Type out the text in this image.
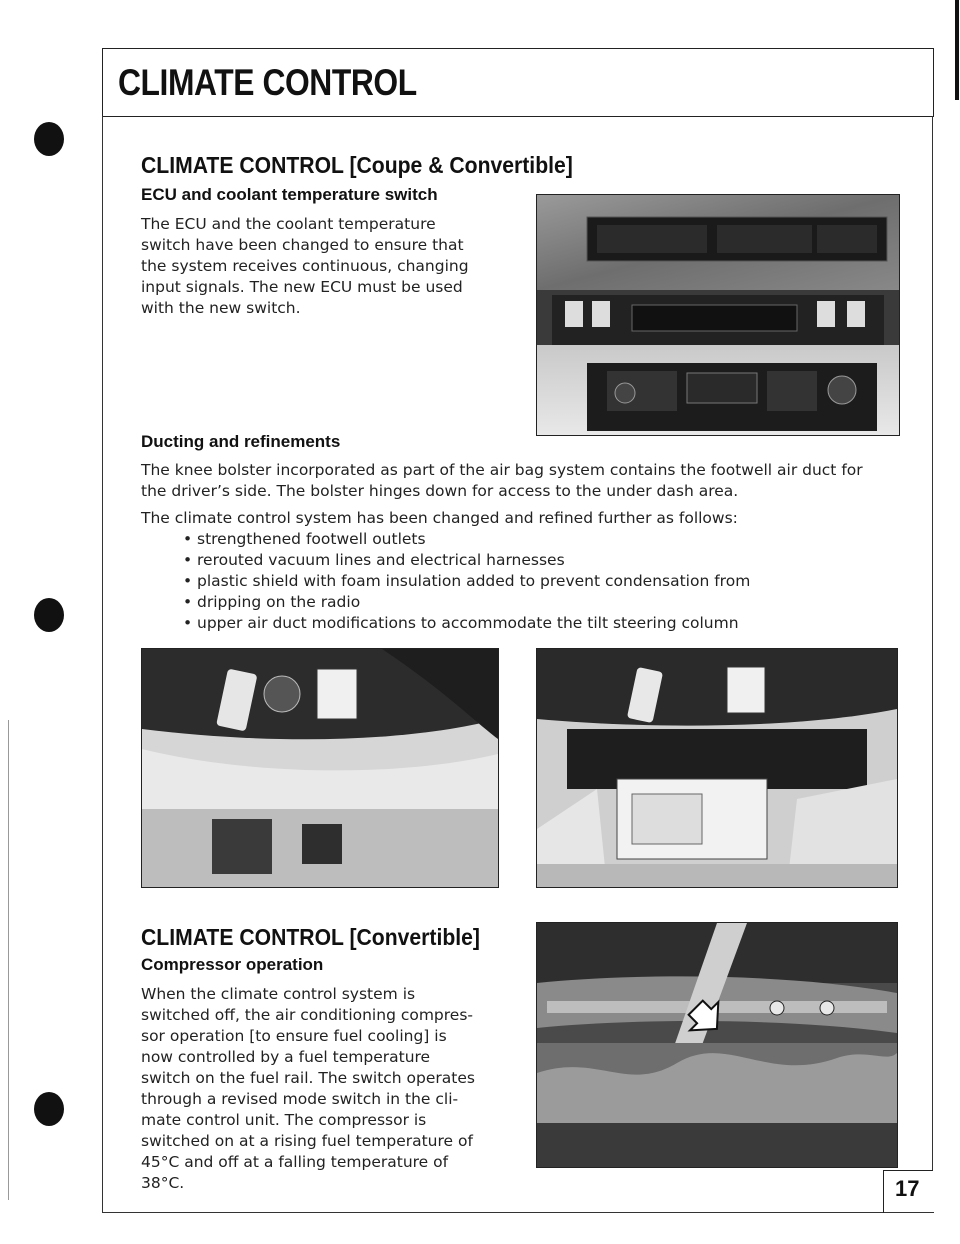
CLIMATE CONTROL
CLIMATE CONTROL [Coupe & Convertible]
ECU and coolant temperature switch
The ECU and the coolant temperature
switch have been changed to ensure that
the system receives continuous, changing
input signals. The new ECU must be used
with the new switch.
Ducting and refinements
The knee bolster incorporated as part of the air bag system contains the footwell air duct for
the driver’s side. The bolster hinges down for access to the under dash area.
The climate control system has been changed and refined further as follows:
• strengthened footwell outlets
• rerouted vacuum lines and electrical harnesses
• plastic shield with foam insulation added to prevent condensation from
• dripping on the radio
• upper air duct modifications to accommodate the tilt steering column
CLIMATE CONTROL [Convertible]
Compressor operation
When the climate control system is
switched off, the air conditioning compres-
sor operation [to ensure fuel cooling] is
now controlled by a fuel temperature
switch on the fuel rail. The switch operates
through a revised mode switch in the cli-
mate control unit. The compressor is
switched on at a rising fuel temperature of
45°C and off at a falling temperature of
38°C.	17
